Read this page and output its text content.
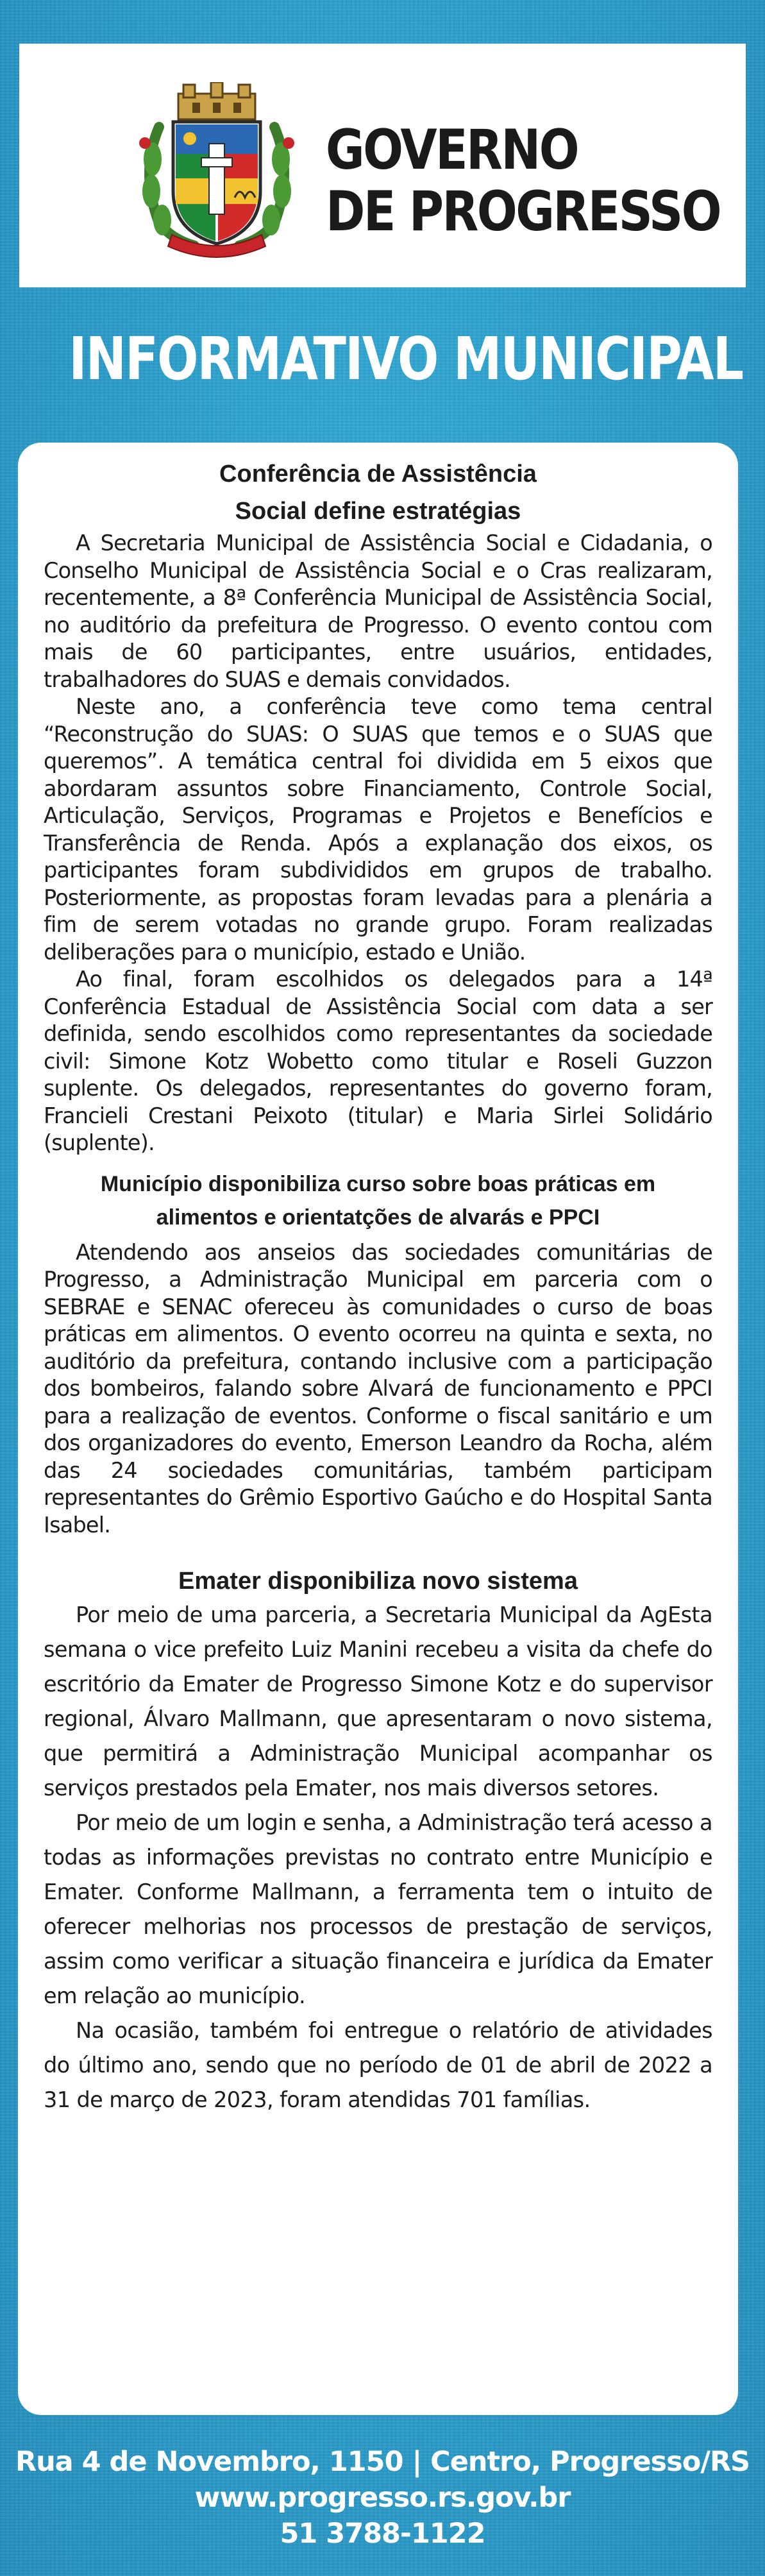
GOVERNO
DE PROGRESSO
INFORMATIVO MUNICIPAL
Conferência de Assistência
Social define estratégias

A Secretaria Municipal de Assistência Social e Cidadania, o Conselho Municipal de Assistência Social e o Cras realizaram, recentemente, a 8ª Conferência Municipal de Assistência Social, no auditório da prefeitura de Progresso. O evento contou com mais de 60 participantes, entre usuários, entidades, trabalhadores do SUAS e demais convidados.

Neste ano, a conferência teve como tema central “Reconstrução do SUAS: O SUAS que temos e o SUAS que queremos”. A temática central foi dividida em 5 eixos que abordaram assuntos sobre Financiamento, Controle Social, Articulação, Serviços, Programas e Projetos e Benefícios e Transferência de Renda. Após a explanação dos eixos, os participantes foram subdivididos em grupos de trabalho. Posteriormente, as propostas foram levadas para a plenária a fim de serem votadas no grande grupo. Foram realizadas deliberações para o município, estado e União.

Ao final, foram escolhidos os delegados para a 14ª Conferência Estadual de Assistência Social com data a ser definida, sendo escolhidos como representantes da sociedade civil: Simone Kotz Wobetto como titular e Roseli Guzzon suplente. Os delegados, representantes do governo foram, Francieli Crestani Peixoto (titular) e Maria Sirlei Solidário (suplente).

Município disponibiliza curso sobre boas práticas em
alimentos e orientatções de alvarás e PPCI

Atendendo aos anseios das sociedades comunitárias de Progresso, a Administração Municipal em parceria com o SEBRAE e SENAC ofereceu às comunidades o curso de boas práticas em alimentos. O evento ocorreu na quinta e sexta, no auditório da prefeitura, contando inclusive com a participação dos bombeiros, falando sobre Alvará de funcionamento e PPCI para a realização de eventos. Conforme o fiscal sanitário e um dos organizadores do evento, Emerson Leandro da Rocha, além das 24 sociedades comunitárias, também participam representantes do Grêmio Esportivo Gaúcho e do Hospital Santa Isabel.

Emater disponibiliza novo sistema

Por meio de uma parceria, a Secretaria Municipal da AgEsta semana o vice prefeito Luiz Manini recebeu a visita da chefe do escritório da Emater de Progresso Simone Kotz e do supervisor regional, Álvaro Mallmann, que apresentaram o novo sistema, que permitirá a Administração Municipal acompanhar os serviços prestados pela Emater, nos mais diversos setores.

Por meio de um login e senha, a Administração terá acesso a todas as informações previstas no contrato entre Município e Emater. Conforme Mallmann, a ferramenta tem o intuito de oferecer melhorias nos processos de prestação de serviços, assim como verificar a situação financeira e jurídica da Emater em relação ao município.

Na ocasião, também foi entregue o relatório de atividades do último ano, sendo que no período de 01 de abril de 2022 a 31 de março de 2023, foram atendidas 701 famílias.

Rua 4 de Novembro, 1150 | Centro, Progresso/RS
www.progresso.rs.gov.br
51 3788-1122
